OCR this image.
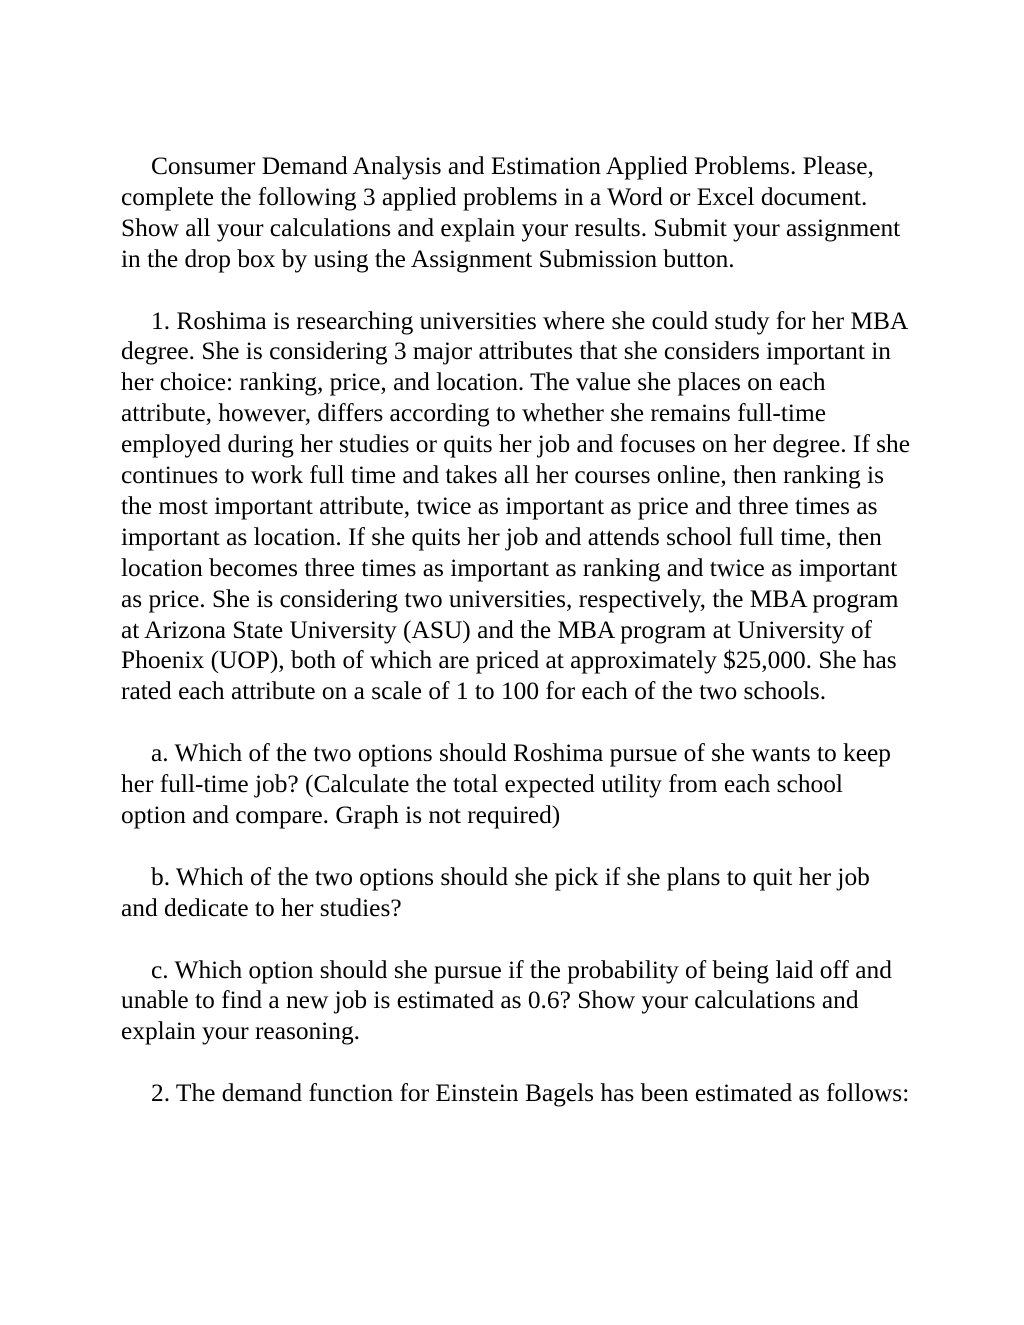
Consumer Demand Analysis and Estimation Applied Problems. Please, complete the following 3 applied problems in a Word or Excel document. Show all your calculations and explain your results. Submit your assignment in the drop box by using the Assignment Submission button.

1. Roshima is researching universities where she could study for her MBA degree. She is considering 3 major attributes that she considers important in her choice: ranking, price, and location. The value she places on each attribute, however, differs according to whether she remains full-time employed during her studies or quits her job and focuses on her degree. If she continues to work full time and takes all her courses online, then ranking is the most important attribute, twice as important as price and three times as important as location. If she quits her job and attends school full time, then location becomes three times as important as ranking and twice as important as price. She is considering two universities, respectively, the MBA program at Arizona State University (ASU) and the MBA program at University of Phoenix (UOP), both of which are priced at approximately $25,000. She has rated each attribute on a scale of 1 to 100 for each of the two schools.

a. Which of the two options should Roshima pursue of she wants to keep her full-time job? (Calculate the total expected utility from each school option and compare. Graph is not required)

b. Which of the two options should she pick if she plans to quit her job and dedicate to her studies?

c. Which option should she pursue if the probability of being laid off and unable to find a new job is estimated as 0.6? Show your calculations and explain your reasoning.

2. The demand function for Einstein Bagels has been estimated as follows:
